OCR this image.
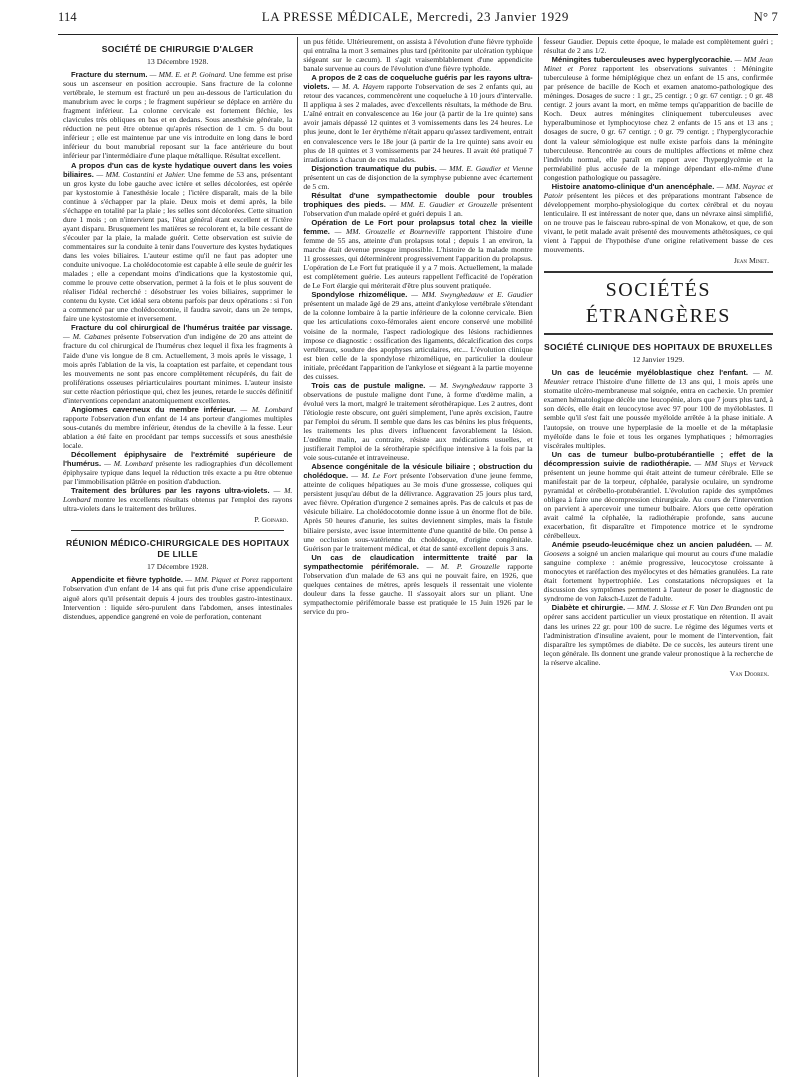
114	LA PRESSE MÉDICALE, Mercredi, 23 Janvier 1929	N° 7
SOCIÉTÉ DE CHIRURGIE D'ALGER
13 Décembre 1928.

Fracture du sternum. — MM. E. et P. Goinard. Une femme est prise sous un ascenseur en position accroupie. Sans fracture de la colonne vertébrale, le sternum est fracturé un peu au-dessous de l'articulation du manubrium avec le corps ; le fragment supérieur se déplace en arrière du fragment inférieur. La colonne cervicale est fortement fléchie, les clavicules très obliques en bas et en dedans. Sous anesthésie générale, la réduction ne peut être obtenue qu'après résection de 1 cm. 5 du bout inférieur ; elle est maintenue par une vis introduite en long dans le bord inférieur du bout manubrial reposant sur la face antérieure du bout inférieur par l'intermédiaire d'une plaque métallique. Résultat excellent.

A propos d'un cas de kyste hydatique ouvert dans les voies biliaires. — MM. Costantini et Jahier. Une femme de 53 ans, présentant un gros kyste du lobe gauche avec ictère et selles décolorées, est opérée par kystostomie à l'anesthésie locale ; l'ictère disparaît, mais de la bile continue à s'échapper par la plaie. Deux mois et demi après, la bile s'échappe en totalité par la plaie ; les selles sont décolorées. Cette situation dure 1 mois ; on n'intervient pas, l'état général étant excellent et l'ictère ayant disparu. Brusquement les matières se recolorent et, la bile cessant de s'écouler par la plaie, la malade guérit. Cette observation est suivie de commentaires sur la conduite à tenir dans l'ouverture des kystes hydatiques dans les voies biliaires. L'auteur estime qu'il ne faut pas adopter une conduite univoque. La cholédocotomie est capable à elle seule de guérir les malades ; elle a cependant moins d'indications que la kystostomie qui, comme le prouve cette observation, permet à la fois et le plus souvent de réaliser l'idéal recherché : désobstruer les voies biliaires, supprimer le contenu du kyste. Cet idéal sera obtenu parfois par deux opérations : si l'on a commencé par une cholédocotomie, il faudra savoir, dans un 2e temps, faire une kystostomie et inversement.

Fracture du col chirurgical de l'humérus traitée par vissage. — M. Cabanes présente l'observation d'un indigène de 20 ans atteint de fracture du col chirurgical de l'humérus chez lequel il fixa les fragments à l'aide d'une vis longue de 8 cm. Actuellement, 3 mois après le vissage, 1 mois après l'ablation de la vis, la coaptation est parfaite, et cependant tous les mouvements ne sont pas encore complètement récupérés, du fait de proliférations osseuses périarticulaires pourtant minimes. L'auteur insiste sur cette réaction périostique qui, chez les jeunes, retarde le succès définitif d'interventions cependant anatomiquement excellentes.

Angiomes caverneux du membre inférieur. — M. Lombard rapporte l'observation d'un enfant de 14 ans porteur d'angiomes multiples sous-cutanés du membre inférieur, étendus de la cheville à la fesse. Leur ablation a été faite en procédant par temps successifs et sous anesthésie locale.

Décollement épiphysaire de l'extrémité supérieure de l'humérus. — M. Lombard présente les radiographies d'un décollement épiphysaire typique dans lequel la réduction très exacte a pu être obtenue par l'immobilisation plâtrée en position d'abduction.

Traitement des brûlures par les rayons ultra-violets. — M. Lombard montre les excellents résultats obtenus par l'emploi des rayons ultra-violets dans le traitement des brûlures.

P. Goinard.
RÉUNION MÉDICO-CHIRURGICALE DES HOPITAUX DE LILLE
17 Décembre 1928.

Appendicite et fièvre typhoïde. — MM. Piquet et Porez rapportent l'observation d'un enfant de 14 ans qui fut pris d'une crise appendiculaire aiguë alors qu'il présentait depuis 4 jours des troubles gastro-intestinaux. Intervention : liquide séro-purulent dans l'abdomen, anses intestinales distendues, appendice gangrené en voie de perforation, contenant

un pus fétide. Ultérieurement, on assista à l'évolution d'une fièvre typhoïde qui entraîna la mort 3 semaines plus tard (péritonite par ulcération typhique siégeant sur le cæcum). Il s'agit vraisemblablement d'une appendicite banale survenue au cours de l'évolution d'une fièvre typhoïde.

A propos de 2 cas de coqueluche guéris par les rayons ultra-violets. — M. A. Hayem rapporte l'observation de ses 2 enfants qui, au retour des vacances, commencèrent une coqueluche à 10 jours d'intervalle. Il appliqua à ses 2 malades, avec d'excellents résultats, la méthode de Bru. L'aîné entrait en convalescence au 16e jour (à partir de la 1re quinte) sans avoir jamais dépassé 12 quintes et 3 vomissements dans les 24 heures. Le plus jeune, dont le 1er érythème n'était apparu qu'assez tardivement, entrait en convalescence vers le 18e jour (à partir de la 1re quinte) sans avoir eu plus de 18 quintes et 3 vomissements par 24 heures. Il avait été pratiqué 7 irradiations à chacun de ces malades.

Disjonction traumatique du pubis. — MM. E. Gaudier et Vienne présentent un cas de disjonction de la symphyse pubienne avec écartement de 5 cm.

Résultat d'une sympathectomie double pour troubles trophiques des pieds. — MM. E. Gaudier et Grouzelle présentent l'observation d'un malade opéré et guéri depuis 1 an.

Opération de Le Fort pour prolapsus total chez la vieille femme. — MM. Grouzelle et Bourneville rapportent l'histoire d'une femme de 55 ans, atteinte d'un prolapsus total ; depuis 1 an environ, la marche était devenue presque impossible. L'histoire de la malade montre 11 grossesses, qui déterminèrent progressivement l'apparition du prolapsus. L'opération de Le Fort fut pratiquée il y a 7 mois. Actuellement, la malade est complètement guérie. Les auteurs rappellent l'efficacité de l'opération de Le Fort élargie qui mériterait d'être plus souvent pratiquée.

Spondylose rhizomélique. — MM. Swynghedauw et E. Gaudier présentent un malade âgé de 29 ans, atteint d'ankylose vertébrale s'étendant de la colonne lombaire à la partie inférieure de la colonne cervicale. Bien que les articulations coxo-fémorales aient encore conservé une mobilité voisine de la normale, l'aspect radiologique des lésions rachidiennes impose ce diagnostic : ossification des ligaments, décalcification des corps vertébraux, soudure des apophyses articulaires, etc... L'évolution clinique est bien celle de la spondylose rhizomélique, en particulier la douleur initiale, précédant l'apparition de l'ankylose et siégeant à la partie moyenne des cuisses.

Trois cas de pustule maligne. — M. Swynghedauw rapporte 3 observations de pustule maligne dont l'une, à forme d'œdème malin, a évolué vers la mort, malgré le traitement sérothérapique. Les 2 autres, dont l'étiologie reste obscure, ont guéri simplement, l'une après excision, l'autre par l'emploi du sérum. Il semble que dans les cas bénins les plus fréquents, les traitements les plus divers influencent favorablement la lésion. L'œdème malin, au contraire, résiste aux médications usuelles, et justifierait l'emploi de la sérothérapie spécifique intensive à la fois par la voie sous-cutanée et intraveineuse.

Absence congénitale de la vésicule biliaire ; obstruction du cholédoque. — M. Le Fort présente l'observation d'une jeune femme, atteinte de coliques hépatiques au 3e mois d'une grossesse, coliques qui persistent jusqu'au début de la délivrance. Aggravation 25 jours plus tard, avec fièvre. Opération d'urgence 2 semaines après. Pas de calculs et pas de vésicule biliaire. La cholédocotomie donne issue à un énorme flot de bile. Après 50 heures d'anurie, les suites deviennent simples, mais la fistule biliaire persiste, avec issue intermittente d'une quantité de bile. On pense à une occlusion sous-vatérienne du cholédoque, d'origine congénitale. Guérison par le traitement médical, et état de santé excellent depuis 3 ans.

Un cas de claudication intermittente traité par la sympathectomie périfémorale. — M. P. Grouzelle rapporte l'observation d'un malade de 63 ans qui ne pouvait faire, en 1926, que quelques centaines de mètres, après lesquels il ressentait une violente douleur dans la fesse gauche. Il s'assoyait alors sur un pliant. Une sympathectomie périfémorale basse est pratiquée le 15 Juin 1926 par le service du pro-

fesseur Gaudier. Depuis cette époque, le malade est complètement guéri ; résultat de 2 ans 1/2.

Méningites tuberculeuses avec hyperglycorachie. — MM Jean Minet et Porez rapportent les observations suivantes : Méningite tuberculeuse à forme hémiplégique chez un enfant de 15 ans, confirmée par présence de bacille de Koch et examen anatomo-pathologique des méninges. Dosages de sucre : 1 gr., 25 centigr. ; 0 gr. 67 centigr. ; 0 gr. 48 centigr. 2 jours avant la mort, en même temps qu'apparition de bacille de Koch. Deux autres méningites cliniquement tuberculeuses avec hyperalbuminose et lymphocytose chez 2 enfants de 15 ans et 13 ans ; dosages de sucre, 0 gr. 67 centigr. ; 0 gr. 79 centigr. ; l'hyperglycorachie dont la valeur sémiologique est nulle existe parfois dans la méningite tuberculeuse. Rencontrée au cours de multiples affections et même chez l'individu normal, elle paraît en rapport avec l'hyperglycémie et la perméabilité plus accusée de la méninge dépendant elle-même d'une congestion pathologique ou passagère.

Histoire anatomo-clinique d'un anencéphale. — MM. Nayrac et Patoir présentent les pièces et des préparations montrant l'absence de développement morpho-physiologique du cortex cérébral et du noyau lenticulaire. Il est intéressant de noter que, dans un névraxe ainsi simplifié, on ne trouve pas le faisceau rubro-spinal de von Monakow, et que, de son vivant, le petit malade avait présenté des mouvements athétosiques, ce qui vient à l'appui de l'hypothèse d'une origine relativement basse de ces mouvements.

Jean Minet.
SOCIÉTÉS ÉTRANGÈRES
SOCIÉTÉ CLINIQUE DES HOPITAUX DE BRUXELLES
12 Janvier 1929.

Un cas de leucémie myéloblastique chez l'enfant. — M. Meunier retrace l'histoire d'une fillette de 13 ans qui, 1 mois après une stomatite ulcéro-membraneuse mal soignée, entra en cachexie. Un premier examen hématologique décèle une leucopénie, alors que 7 jours plus tard, à son décès, elle était en leucocytose avec 97 pour 100 de myéloblastes. Il semble qu'il s'est fait une poussée myéloïde arrêtée à la phase initiale. A l'autopsie, on trouve une hyperplasie de la moelle et de la métaplasie myéloïde dans le foie et tous les organes lymphatiques ; hémorragies viscérales multiples.

Un cas de tumeur bulbo-protubérantielle ; effet de la décompression suivie de radiothérapie. — MM Sluys et Vervack présentent un jeune homme qui était atteint de tumeur cérébrale. Elle se manifestait par de la torpeur, céphalée, paralysie oculaire, un syndrome pyramidal et cérébello-protubérantiel. L'évolution rapide des symptômes obligea à faire une décompression chirurgicale. Au cours de l'intervention on parvient à apercevoir une tumeur bulbaire. Alors que cette opération avait calmé la céphalée, la radiothérapie profonde, sans aucune exacerbation, fit disparaître et l'impotence motrice et le syndrome cérébelleux.

Anémie pseudo-leucémique chez un ancien paludéen. — M. Goosens a soigné un ancien malarique qui mourut au cours d'une maladie sanguine complexe : anémie progressive, leucocytose croissante à monocytes et raréfaction des myélocytes et des hématies granulées. La rate était fortement hypertrophiée. Les constatations nécropsiques et la discussion des symptômes permettent à l'auteur de poser le diagnostic de syndrome de von Jaksch-Luzet de l'adulte.

Diabète et chirurgie. — MM. J. Slosse et F. Van Den Branden ont pu opérer sans accident particulier un vieux prostatique en rétention. Il avait dans les urines 22 gr. pour 100 de sucre. Le régime des légumes verts et l'administration d'insuline avaient, pour le moment de l'intervention, fait disparaître les symptômes de diabète. De ce succès, les auteurs tirent une leçon générale. Ils donnent une grande valeur pronostique à la recherche de la réserve alcaline.

Van Dooren.
